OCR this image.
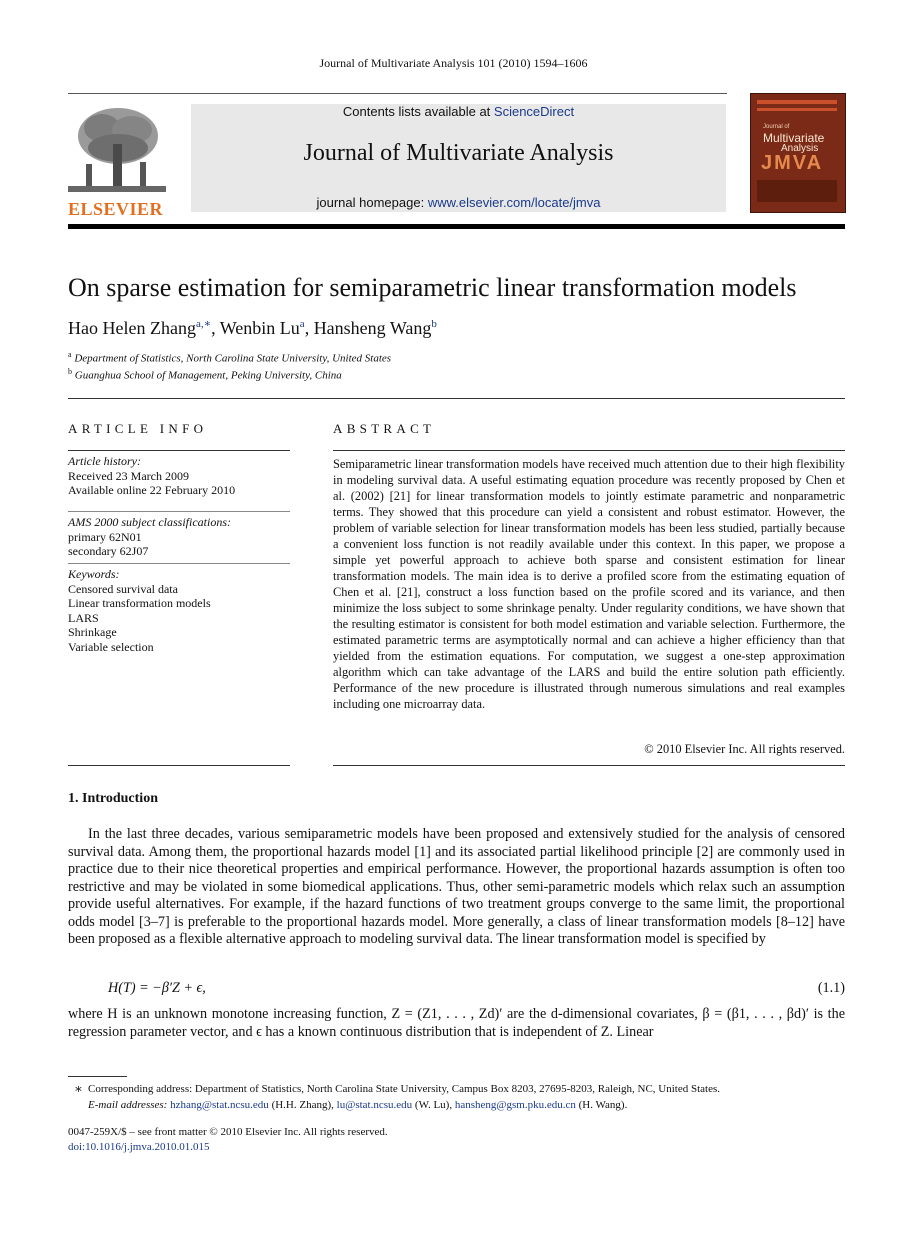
Journal of Multivariate Analysis 101 (2010) 1594–1606
ELSEVIER
Contents lists available at ScienceDirect
Journal of Multivariate Analysis
journal homepage: www.elsevier.com/locate/jmva
Journal of
Multivariate
Analysis
JMVA
On sparse estimation for semiparametric linear transformation models
Hao Helen Zhang$^{a,∗}$, Wenbin Lu$^a$, Hansheng Wang$^b$
$^a$ Department of Statistics, North Carolina State University, United States
$^b$ Guanghua School of Management, Peking University, China
ARTICLE INFO
Article history:
Received 23 March 2009
Available online 22 February 2010
AMS 2000 subject classifications:
primary 62N01
secondary 62J07
Keywords:
Censored survival data
Linear transformation models
LARS
Shrinkage
Variable selection
ABSTRACT
Semiparametric linear transformation models have received much attention due to their high flexibility in modeling survival data. A useful estimating equation procedure was recently proposed by Chen et al. (2002) [21] for linear transformation models to jointly estimate parametric and nonparametric terms. They showed that this procedure can yield a consistent and robust estimator. However, the problem of variable selection for linear transformation models has been less studied, partially because a convenient loss function is not readily available under this context. In this paper, we propose a simple yet powerful approach to achieve both sparse and consistent estimation for linear transformation models. The main idea is to derive a profiled score from the estimating equation of Chen et al. [21], construct a loss function based on the profile scored and its variance, and then minimize the loss subject to some shrinkage penalty. Under regularity conditions, we have shown that the resulting estimator is consistent for both model estimation and variable selection. Furthermore, the estimated parametric terms are asymptotically normal and can achieve a higher efficiency than that yielded from the estimation equations. For computation, we suggest a one-step approximation algorithm which can take advantage of the LARS and build the entire solution path efficiently. Performance of the new procedure is illustrated through numerous simulations and real examples including one microarray data.
© 2010 Elsevier Inc. All rights reserved.
1. Introduction
In the last three decades, various semiparametric models have been proposed and extensively studied for the analysis of censored survival data. Among them, the proportional hazards model [1] and its associated partial likelihood principle [2] are commonly used in practice due to their nice theoretical properties and empirical performance. However, the proportional hazards assumption is often too restrictive and may be violated in some biomedical applications. Thus, other semi-parametric models which relax such an assumption provide useful alternatives. For example, if the hazard functions of two treatment groups converge to the same limit, the proportional odds model [3–7] is preferable to the proportional hazards model. More generally, a class of linear transformation models [8–12] have been proposed as a flexible alternative approach to modeling survival data. The linear transformation model is specified by
H(T) = −β′Z + ϵ,	(1.1)
where H is an unknown monotone increasing function, Z = (Z1, . . . , Zd)′ are the d-dimensional covariates, β = (β1, . . . , βd)′ is the regression parameter vector, and ϵ has a known continuous distribution that is independent of Z. Linear
∗ Corresponding address: Department of Statistics, North Carolina State University, Campus Box 8203, 27695-8203, Raleigh, NC, United States.
E-mail addresses: hzhang@stat.ncsu.edu (H.H. Zhang), lu@stat.ncsu.edu (W. Lu), hansheng@gsm.pku.edu.cn (H. Wang).
0047-259X/$ – see front matter © 2010 Elsevier Inc. All rights reserved.
doi:10.1016/j.jmva.2010.01.015
